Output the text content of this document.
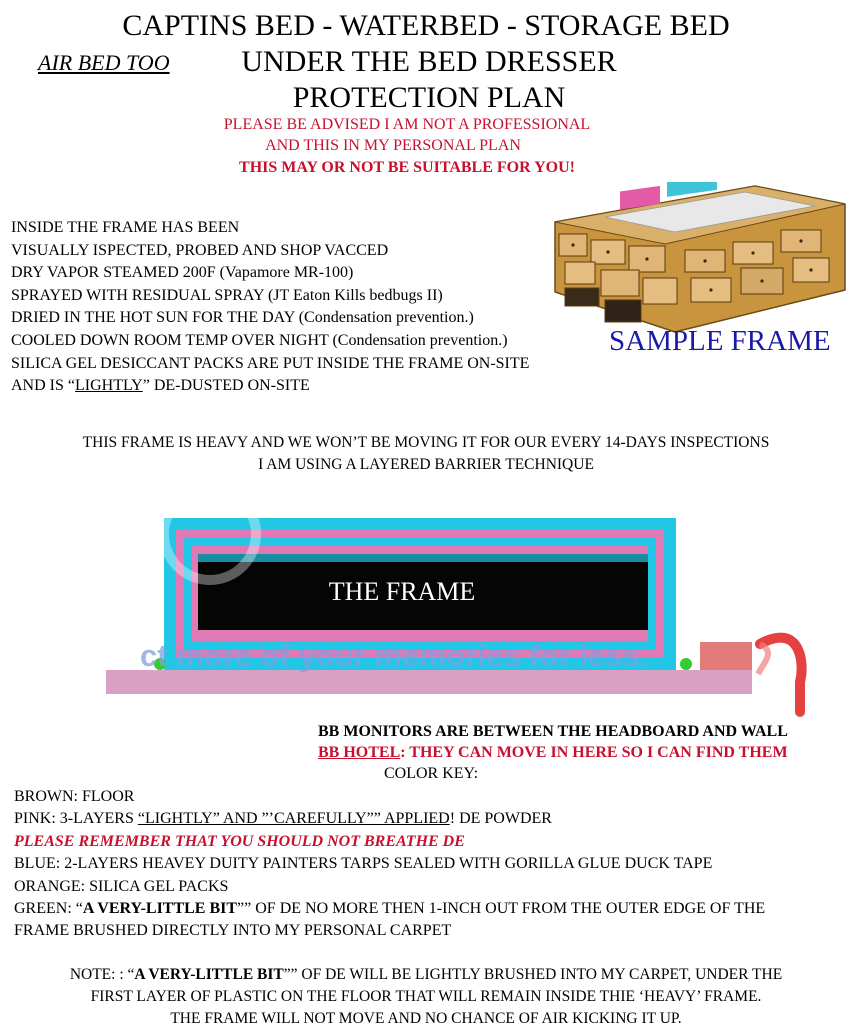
CAPTINS BED - WATERBED - STORAGE BED
AIR BED TOO	UNDER THE BED DRESSER
PROTECTION PLAN
PLEASE BE ADVISED I AM NOT A PROFESSIONAL
AND THIS IN MY PERSONAL PLAN
THIS MAY OR NOT BE SUITABLE FOR YOU!
INSIDE THE FRAME HAS BEEN
VISUALLY ISPECTED, PROBED AND SHOP VACCED
DRY VAPOR STEAMED 200F (Vapamore MR-100)
SPRAYED WITH RESIDUAL SPRAY (JT Eaton Kills bedbugs II)
DRIED IN THE HOT SUN FOR THE DAY (Condensation prevention.)
COOLED DOWN ROOM TEMP OVER NIGHT (Condensation prevention.)
SILICA GEL DESICCANT PACKS ARE PUT INSIDE THE FRAME ON-SITE
AND IS “LIGHTLY” DE-DUSTED ON-SITE
SAMPLE FRAME
THIS FRAME IS HEAVY AND WE WON’T BE MOVING IT FOR OUR EVERY 14-DAYS INSPECTIONS
I AM USING A LAYERED BARRIER TECHNIQUE
THE FRAME
ct more of your memories for less.
BB MONITORS ARE BETWEEN THE HEADBOARD AND WALL
BB HOTEL: THEY CAN MOVE IN HERE SO I CAN FIND THEM
COLOR KEY:
BROWN: FLOOR
PINK: 3-LAYERS “LIGHTLY” AND ”’CAREFULLY”” APPLIED! DE POWDER
PLEASE REMEMBER THAT YOU SHOULD NOT BREATHE DE
BLUE: 2-LAYERS HEAVEY DUITY PAINTERS TARPS SEALED WITH GORILLA GLUE DUCK TAPE
ORANGE: SILICA GEL PACKS
GREEN: “A VERY-LITTLE BIT”” OF DE NO MORE THEN 1-INCH OUT FROM THE OUTER EDGE OF THE
FRAME BRUSHED DIRECTLY INTO MY PERSONAL CARPET
NOTE: : “A VERY-LITTLE BIT”” OF DE WILL BE LIGHTLY BRUSHED INTO MY CARPET, UNDER THE
FIRST LAYER OF PLASTIC ON THE FLOOR THAT WILL REMAIN INSIDE THIE ‘HEAVY’ FRAME.
THE FRAME WILL NOT MOVE AND NO CHANCE OF AIR KICKING IT UP.
